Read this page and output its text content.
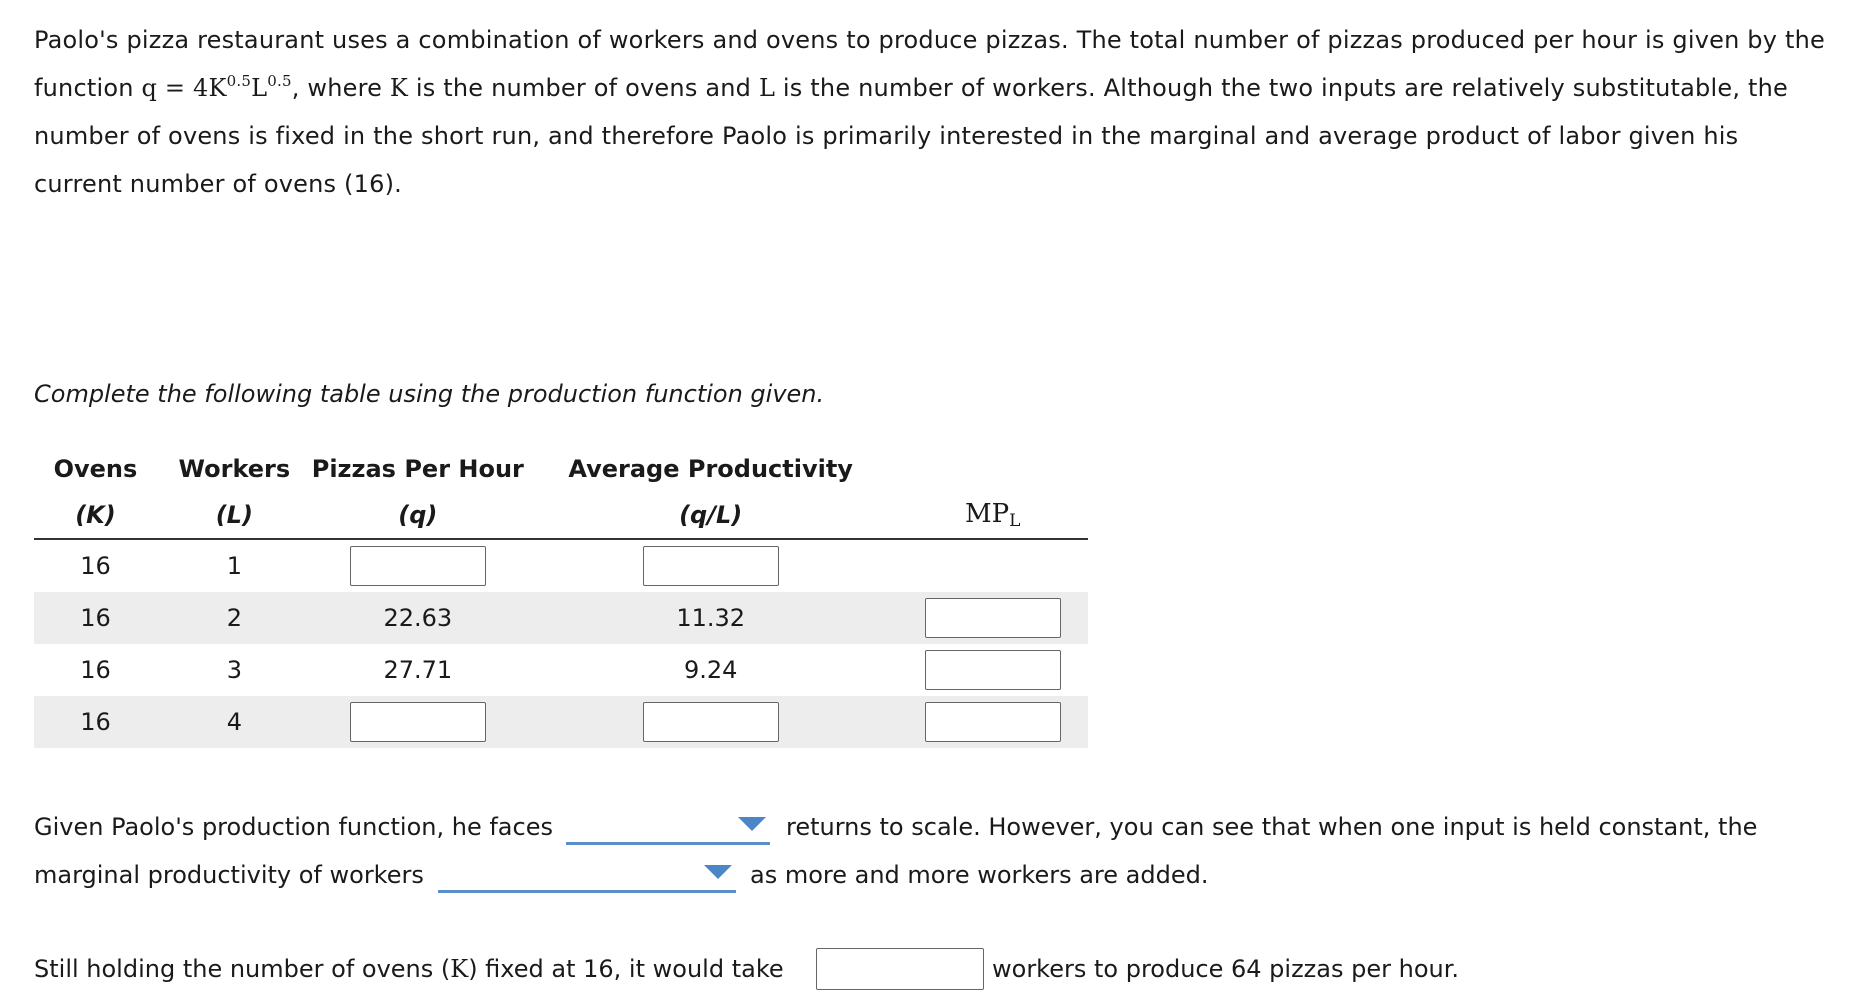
Paolo's pizza restaurant uses a combination of workers and ovens to produce pizzas. The total number of pizzas produced per hour is given by the function $q = 4K^{0.5}L^{0.5}$, where K is the number of ovens and L is the number of workers. Although the two inputs are relatively substitutable, the number of ovens is fixed in the short run, and therefore Paolo is primarily interested in the marginal and average product of labor given his current number of ovens (16).

Complete the following table using the production function given.

Ovens	Workers	Pizzas Per Hour	Average Productivity	
(K)	(L)	(q)	(q/L)	$MP_L$
16	1			
16	2	22.63	11.32	
16	3	27.71	9.24	
16	4			
Given Paolo's production function, he faces	returns to scale. However, you can see that when one input is held constant, the
marginal productivity of workers	as more and more workers are added.
Still holding the number of ovens (K) fixed at 16, it would take	workers to produce 64 pizzas per hour.
